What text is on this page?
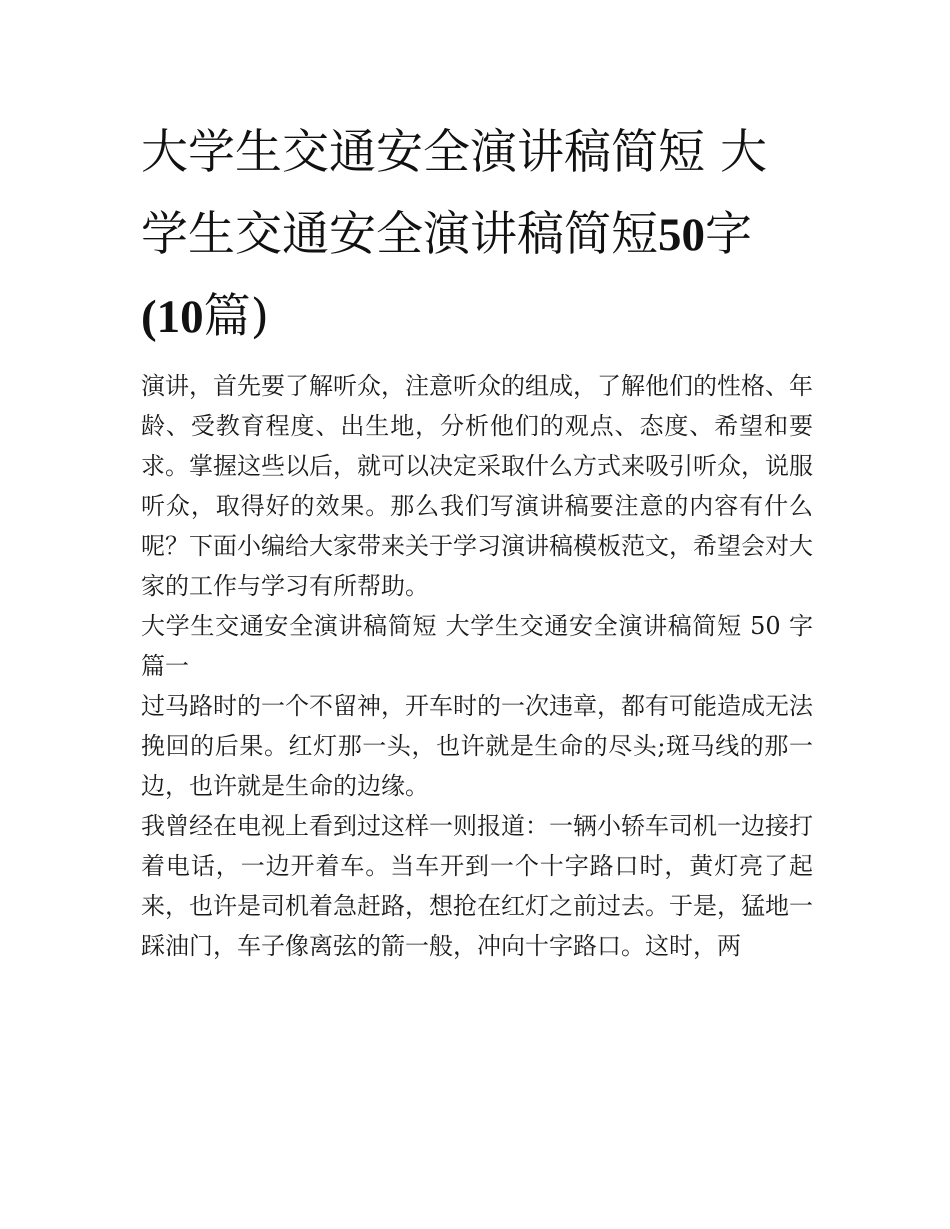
大学生交通安全演讲稿简短 大学生交通安全演讲稿简短50字
(10篇)

演讲，首先要了解听众，注意听众的组成，了解他们的性格、年龄、受教育程度、出生地，分析他们的观点、态度、希望和要求。掌握这些以后，就可以决定采取什么方式来吸引听众，说服听众，取得好的效果。那么我们写演讲稿要注意的内容有什么呢？下面小编给大家带来关于学习演讲稿模板范文，希望会对大家的工作与学习有所帮助。

大学生交通安全演讲稿简短 大学生交通安全演讲稿简短 50 字篇一

过马路时的一个不留神，开车时的一次违章，都有可能造成无法挽回的后果。红灯那一头，也许就是生命的尽头;斑马线的那一边，也许就是生命的边缘。

我曾经在电视上看到过这样一则报道：一辆小轿车司机一边接打着电话，一边开着车。当车开到一个十字路口时，黄灯亮了起来，也许是司机着急赶路，想抢在红灯之前过去。于是，猛地一踩油门，车子像离弦的箭一般，冲向十字路口。这时，两
